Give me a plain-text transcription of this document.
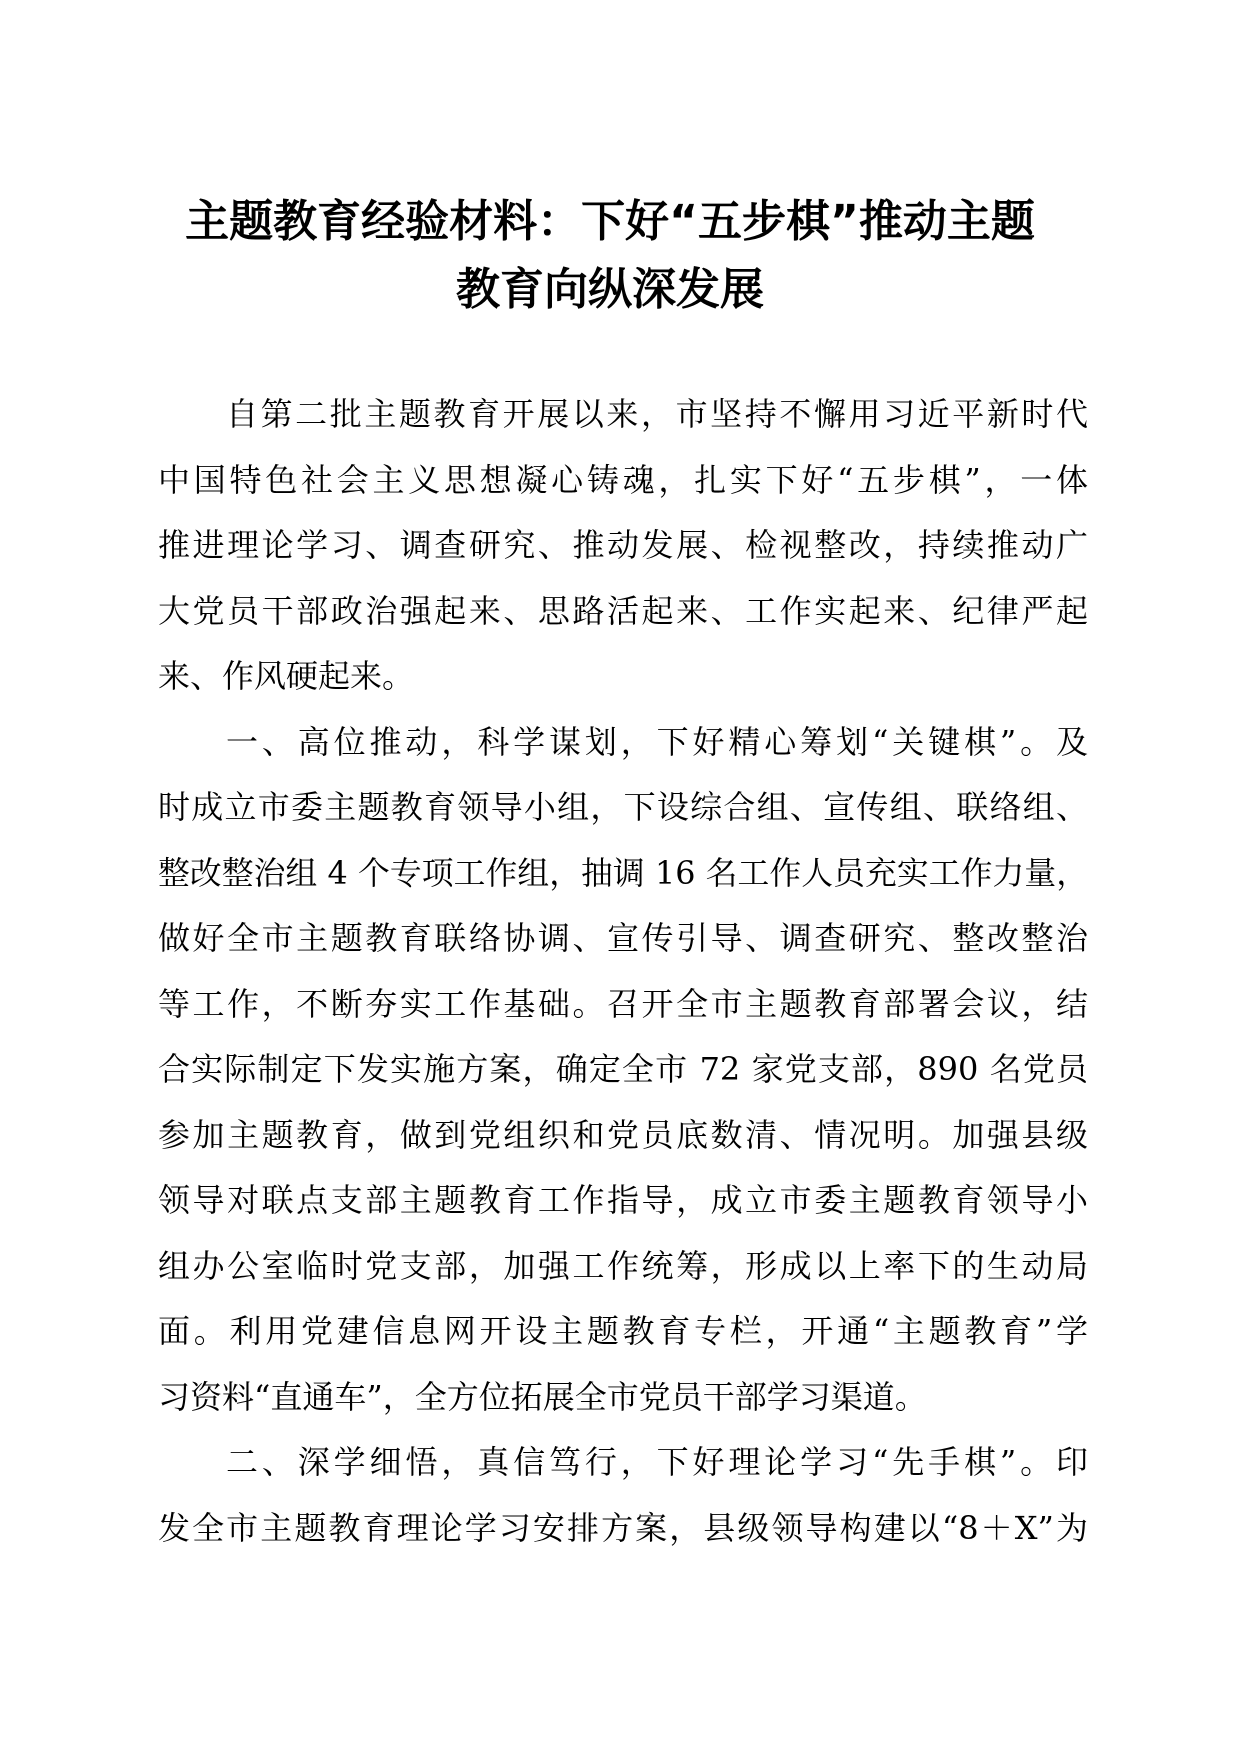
主题教育经验材料：下好“五步棋”推动主题
教育向纵深发展
自第二批主题教育开展以来，市坚持不懈用习近平新时代
中国特色社会主义思想凝心铸魂，扎实下好“五步棋”，一体
推进理论学习、调查研究、推动发展、检视整改，持续推动广
大党员干部政治强起来、思路活起来、工作实起来、纪律严起
来、作风硬起来。
一、高位推动，科学谋划，下好精心筹划“关键棋”。及
时成立市委主题教育领导小组，下设综合组、宣传组、联络组、
整改整治组 4 个专项工作组，抽调 16 名工作人员充实工作力量，
做好全市主题教育联络协调、宣传引导、调查研究、整改整治
等工作，不断夯实工作基础。召开全市主题教育部署会议，结
合实际制定下发实施方案，确定全市 72 家党支部，890 名党员
参加主题教育，做到党组织和党员底数清、情况明。加强县级
领导对联点支部主题教育工作指导，成立市委主题教育领导小
组办公室临时党支部，加强工作统筹，形成以上率下的生动局
面。利用党建信息网开设主题教育专栏，开通“主题教育”学
习资料“直通车”，全方位拓展全市党员干部学习渠道。
二、深学细悟，真信笃行，下好理论学习“先手棋”。印
发全市主题教育理论学习安排方案，县级领导构建以“8＋X”为
